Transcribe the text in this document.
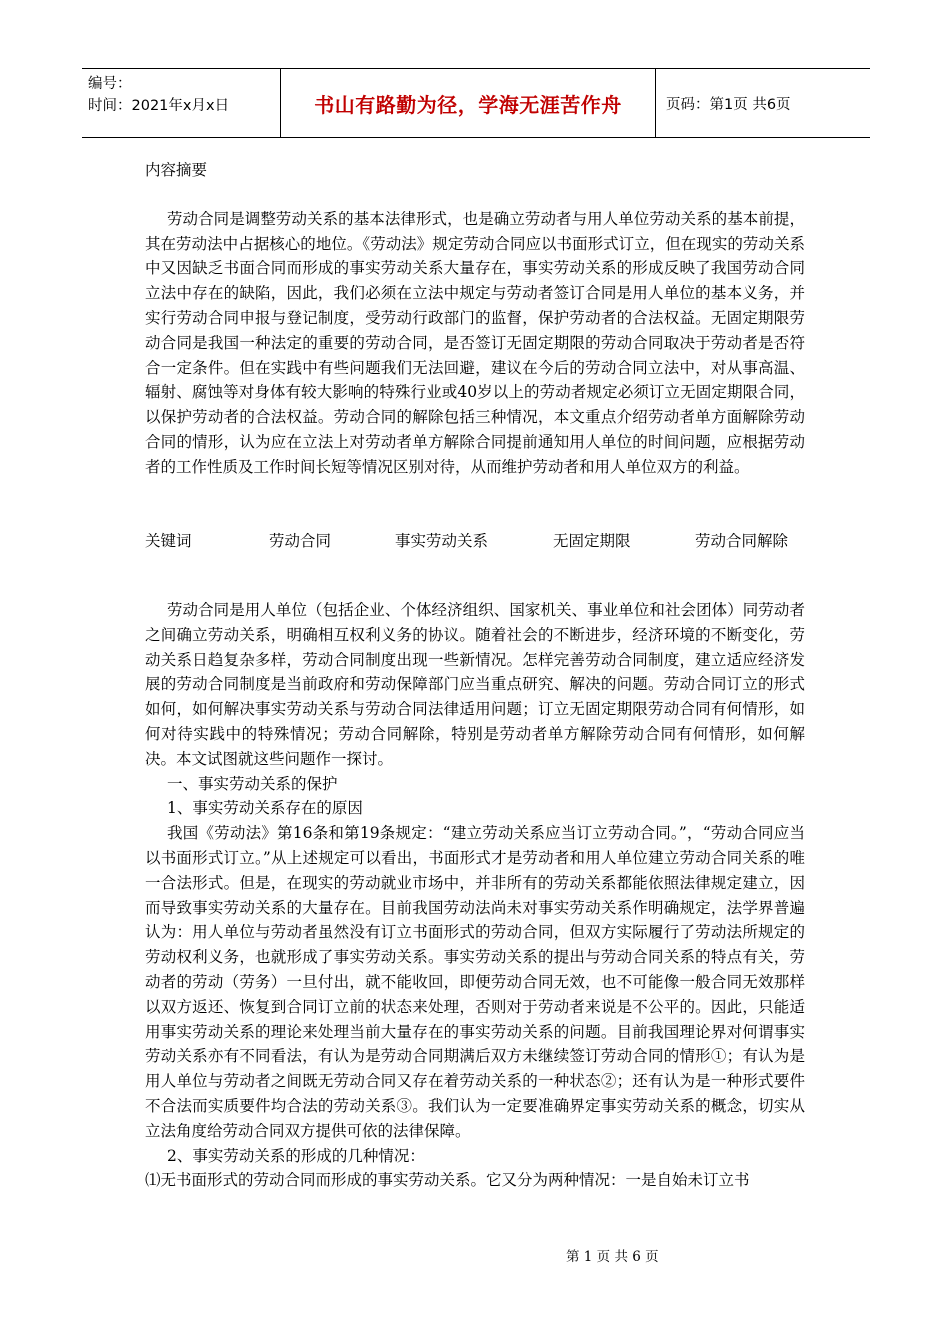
编号：
时间：2021年x月x日	书山有路勤为径，学海无涯苦作舟	页码：第1页 共6页

内容摘要

劳动合同是调整劳动关系的基本法律形式，也是确立劳动者与用人单位劳动关系的基本前提，其在劳动法中占据核心的地位。《劳动法》规定劳动合同应以书面形式订立，但在现实的劳动关系中又因缺乏书面合同而形成的事实劳动关系大量存在，事实劳动关系的形成反映了我国劳动合同立法中存在的缺陷，因此，我们必须在立法中规定与劳动者签订合同是用人单位的基本义务，并实行劳动合同申报与登记制度，受劳动行政部门的监督，保护劳动者的合法权益。无固定期限劳动合同是我国一种法定的重要的劳动合同，是否签订无固定期限的劳动合同取决于劳动者是否符合一定条件。但在实践中有些问题我们无法回避，建议在今后的劳动合同立法中，对从事高温、辐射、腐蚀等对身体有较大影响的特殊行业或40岁以上的劳动者规定必须订立无固定期限合同，以保护劳动者的合法权益。劳动合同的解除包括三种情况，本文重点介绍劳动者单方面解除劳动合同的情形，认为应在立法上对劳动者单方解除合同提前通知用人单位的时间问题，应根据劳动者的工作性质及工作时间长短等情况区别对待，从而维护劳动者和用人单位双方的利益。

关键词	劳动合同	事实劳动关系	无固定期限	劳动合同解除

劳动合同是用人单位（包括企业、个体经济组织、国家机关、事业单位和社会团体）同劳动者之间确立劳动关系，明确相互权利义务的协议。随着社会的不断进步，经济环境的不断变化，劳动关系日趋复杂多样，劳动合同制度出现一些新情况。怎样完善劳动合同制度，建立适应经济发展的劳动合同制度是当前政府和劳动保障部门应当重点研究、解决的问题。劳动合同订立的形式如何，如何解决事实劳动关系与劳动合同法律适用问题；订立无固定期限劳动合同有何情形，如何对待实践中的特殊情况；劳动合同解除，特别是劳动者单方解除劳动合同有何情形，如何解决。本文试图就这些问题作一探讨。

一、事实劳动关系的保护

1、事实劳动关系存在的原因

我国《劳动法》第16条和第19条规定：“建立劳动关系应当订立劳动合同。”，“劳动合同应当以书面形式订立。”从上述规定可以看出，书面形式才是劳动者和用人单位建立劳动合同关系的唯一合法形式。但是，在现实的劳动就业市场中，并非所有的劳动关系都能依照法律规定建立，因而导致事实劳动关系的大量存在。目前我国劳动法尚未对事实劳动关系作明确规定，法学界普遍认为：用人单位与劳动者虽然没有订立书面形式的劳动合同，但双方实际履行了劳动法所规定的劳动权利义务，也就形成了事实劳动关系。事实劳动关系的提出与劳动合同关系的特点有关，劳动者的劳动（劳务）一旦付出，就不能收回，即便劳动合同无效，也不可能像一般合同无效那样以双方返还、恢复到合同订立前的状态来处理，否则对于劳动者来说是不公平的。因此，只能适用事实劳动关系的理论来处理当前大量存在的事实劳动关系的问题。目前我国理论界对何谓事实劳动关系亦有不同看法，有认为是劳动合同期满后双方未继续签订劳动合同的情形①；有认为是用人单位与劳动者之间既无劳动合同又存在着劳动关系的一种状态②；还有认为是一种形式要件不合法而实质要件均合法的劳动关系③。我们认为一定要准确界定事实劳动关系的概念，切实从立法角度给劳动合同双方提供可依的法律保障。

2、事实劳动关系的形成的几种情况：

⑴无书面形式的劳动合同而形成的事实劳动关系。它又分为两种情况：一是自始未订立书

第 1 页 共 6 页
